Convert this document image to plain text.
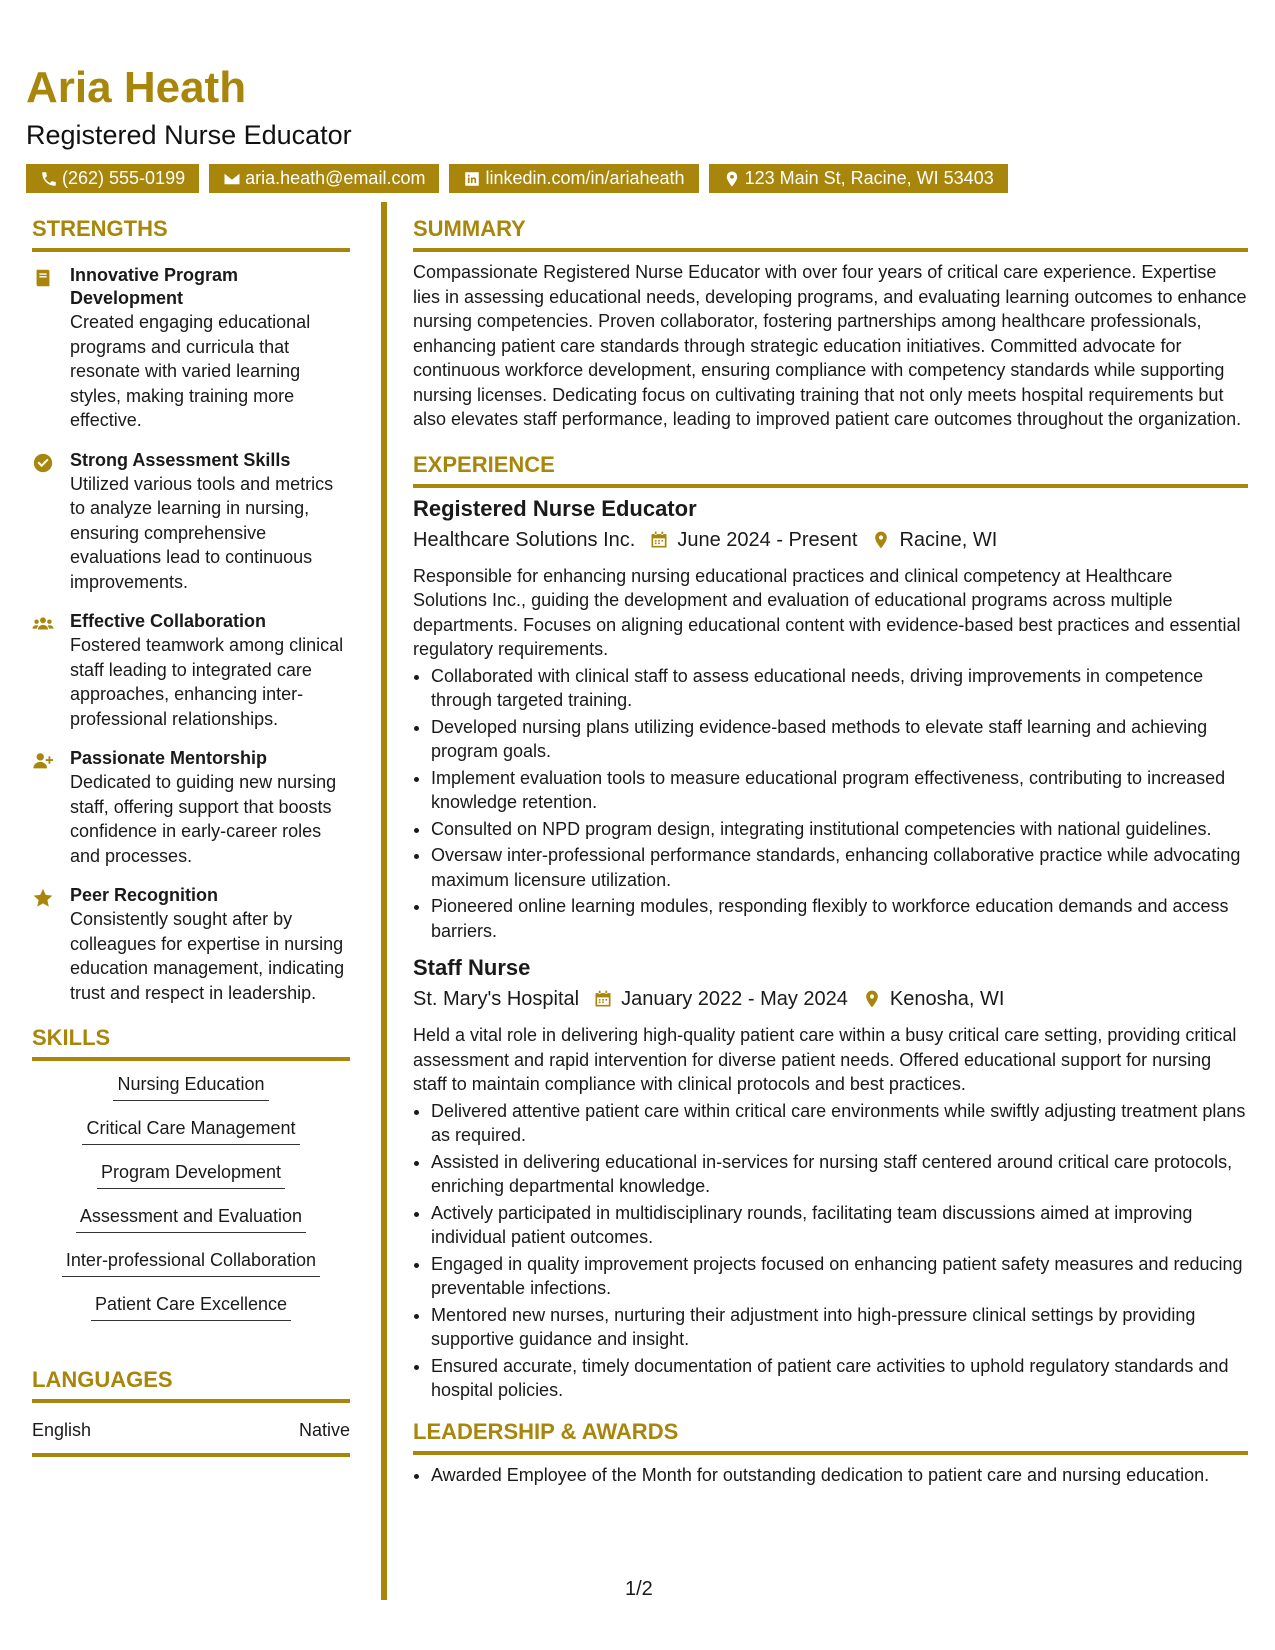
Aria Heath
Registered Nurse Educator
(262) 555-0199	aria.heath@email.com	linkedin.com/in/ariaheath	123 Main St, Racine, WI 53403
STRENGTHS
Innovative Program Development
Created engaging educational programs and curricula that resonate with varied learning styles, making training more effective.
Strong Assessment Skills
Utilized various tools and metrics to analyze learning in nursing, ensuring comprehensive evaluations lead to continuous improvements.
Effective Collaboration
Fostered teamwork among clinical staff leading to integrated care approaches, enhancing inter-professional relationships.
Passionate Mentorship
Dedicated to guiding new nursing staff, offering support that boosts confidence in early-career roles and processes.
Peer Recognition
Consistently sought after by colleagues for expertise in nursing education management, indicating trust and respect in leadership.
SKILLS
Nursing Education
Critical Care Management
Program Development
Assessment and Evaluation
Inter-professional Collaboration
Patient Care Excellence
LANGUAGES
English	Native
SUMMARY

Compassionate Registered Nurse Educator with over four years of critical care experience. Expertise lies in assessing educational needs, developing programs, and evaluating learning outcomes to enhance nursing competencies. Proven collaborator, fostering partnerships among healthcare professionals, enhancing patient care standards through strategic education initiatives. Committed advocate for continuous workforce development, ensuring compliance with competency standards while supporting nursing licenses. Dedicating focus on cultivating training that not only meets hospital requirements but also elevates staff performance, leading to improved patient care outcomes throughout the organization.

EXPERIENCE
Registered Nurse Educator
Healthcare Solutions Inc. June 2024 - Present Racine, WI

Responsible for enhancing nursing educational practices and clinical competency at Healthcare Solutions Inc., guiding the development and evaluation of educational programs across multiple departments. Focuses on aligning educational content with evidence-based best practices and essential regulatory requirements.

• Collaborated with clinical staff to assess educational needs, driving improvements in competence through targeted training.
• Developed nursing plans utilizing evidence-based methods to elevate staff learning and achieving program goals.
• Implement evaluation tools to measure educational program effectiveness, contributing to increased knowledge retention.
• Consulted on NPD program design, integrating institutional competencies with national guidelines.
• Oversaw inter-professional performance standards, enhancing collaborative practice while advocating maximum licensure utilization.
• Pioneered online learning modules, responding flexibly to workforce education demands and access barriers.
Staff Nurse
St. Mary's Hospital January 2022 - May 2024 Kenosha, WI

Held a vital role in delivering high-quality patient care within a busy critical care setting, providing critical assessment and rapid intervention for diverse patient needs. Offered educational support for nursing staff to maintain compliance with clinical protocols and best practices.

• Delivered attentive patient care within critical care environments while swiftly adjusting treatment plans as required.
• Assisted in delivering educational in-services for nursing staff centered around critical care protocols, enriching departmental knowledge.
• Actively participated in multidisciplinary rounds, facilitating team discussions aimed at improving individual patient outcomes.
• Engaged in quality improvement projects focused on enhancing patient safety measures and reducing preventable infections.
• Mentored new nurses, nurturing their adjustment into high-pressure clinical settings by providing supportive guidance and insight.
• Ensured accurate, timely documentation of patient care activities to uphold regulatory standards and hospital policies.
LEADERSHIP & AWARDS
• Awarded Employee of the Month for outstanding dedication to patient care and nursing education.
1/2
